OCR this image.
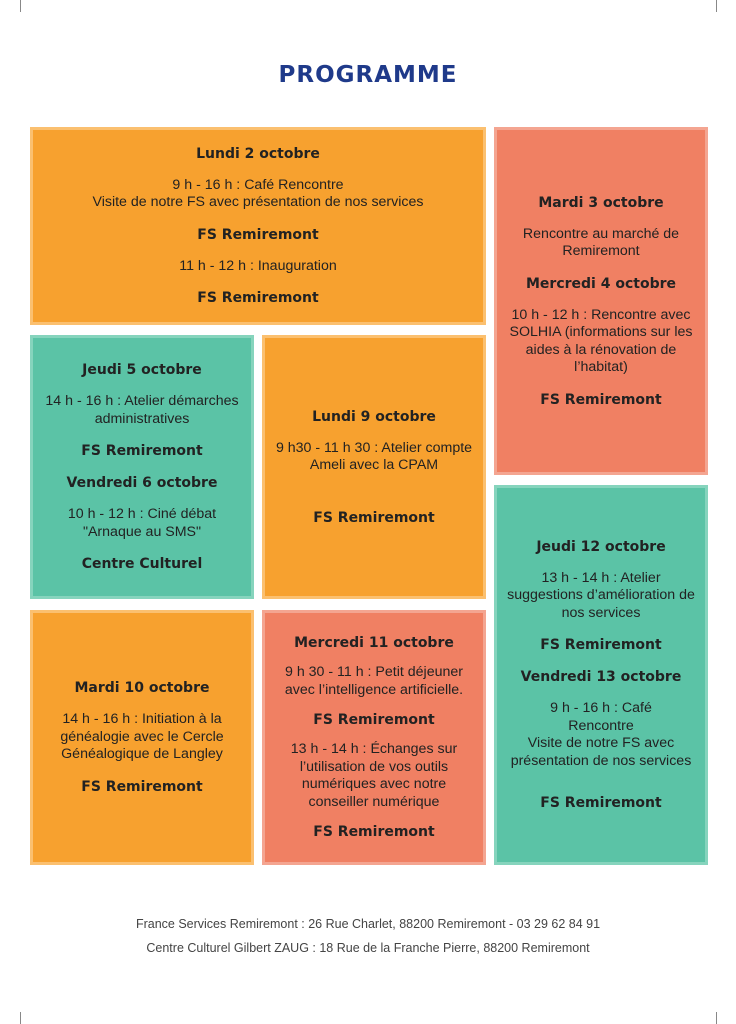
PROGRAMME

Lundi 2 octobre

9 h - 16 h : Café Rencontre

Visite de notre FS avec présentation de nos services

FS Remiremont

11 h - 12 h : Inauguration

FS Remiremont

Mardi 3 octobre

Rencontre au marché de Remiremont

Mercredi 4 octobre

10 h - 12 h : Rencontre avec SOLHIA (informations sur les aides à la rénovation de l’habitat)

FS Remiremont

Jeudi 5 octobre

14 h - 16 h : Atelier démarches administratives

FS Remiremont

Vendredi 6 octobre

10 h - 12 h : Ciné débat "Arnaque au SMS"

Centre Culturel

Lundi 9 octobre

9 h30 - 11 h 30 : Atelier compte Ameli avec la CPAM

FS Remiremont

Jeudi 12 octobre

13 h - 14 h : Atelier suggestions d’amélioration de nos services

FS Remiremont

Vendredi 13 octobre

9 h - 16 h : Café Rencontre

Visite de notre FS avec présentation de nos services

FS Remiremont

Mardi 10 octobre

14 h - 16 h : Initiation à la généalogie avec le Cercle Généalogique de Langley

FS Remiremont

Mercredi 11 octobre

9 h 30 - 11 h : Petit déjeuner avec l’intelligence artificielle.

FS Remiremont

13 h - 14 h : Échanges sur l’utilisation de vos outils numériques avec notre conseiller numérique

FS Remiremont

France Services Remiremont : 26 Rue Charlet, 88200 Remiremont - 03 29 62 84 91
Centre Culturel Gilbert ZAUG : 18 Rue de la Franche Pierre, 88200 Remiremont
